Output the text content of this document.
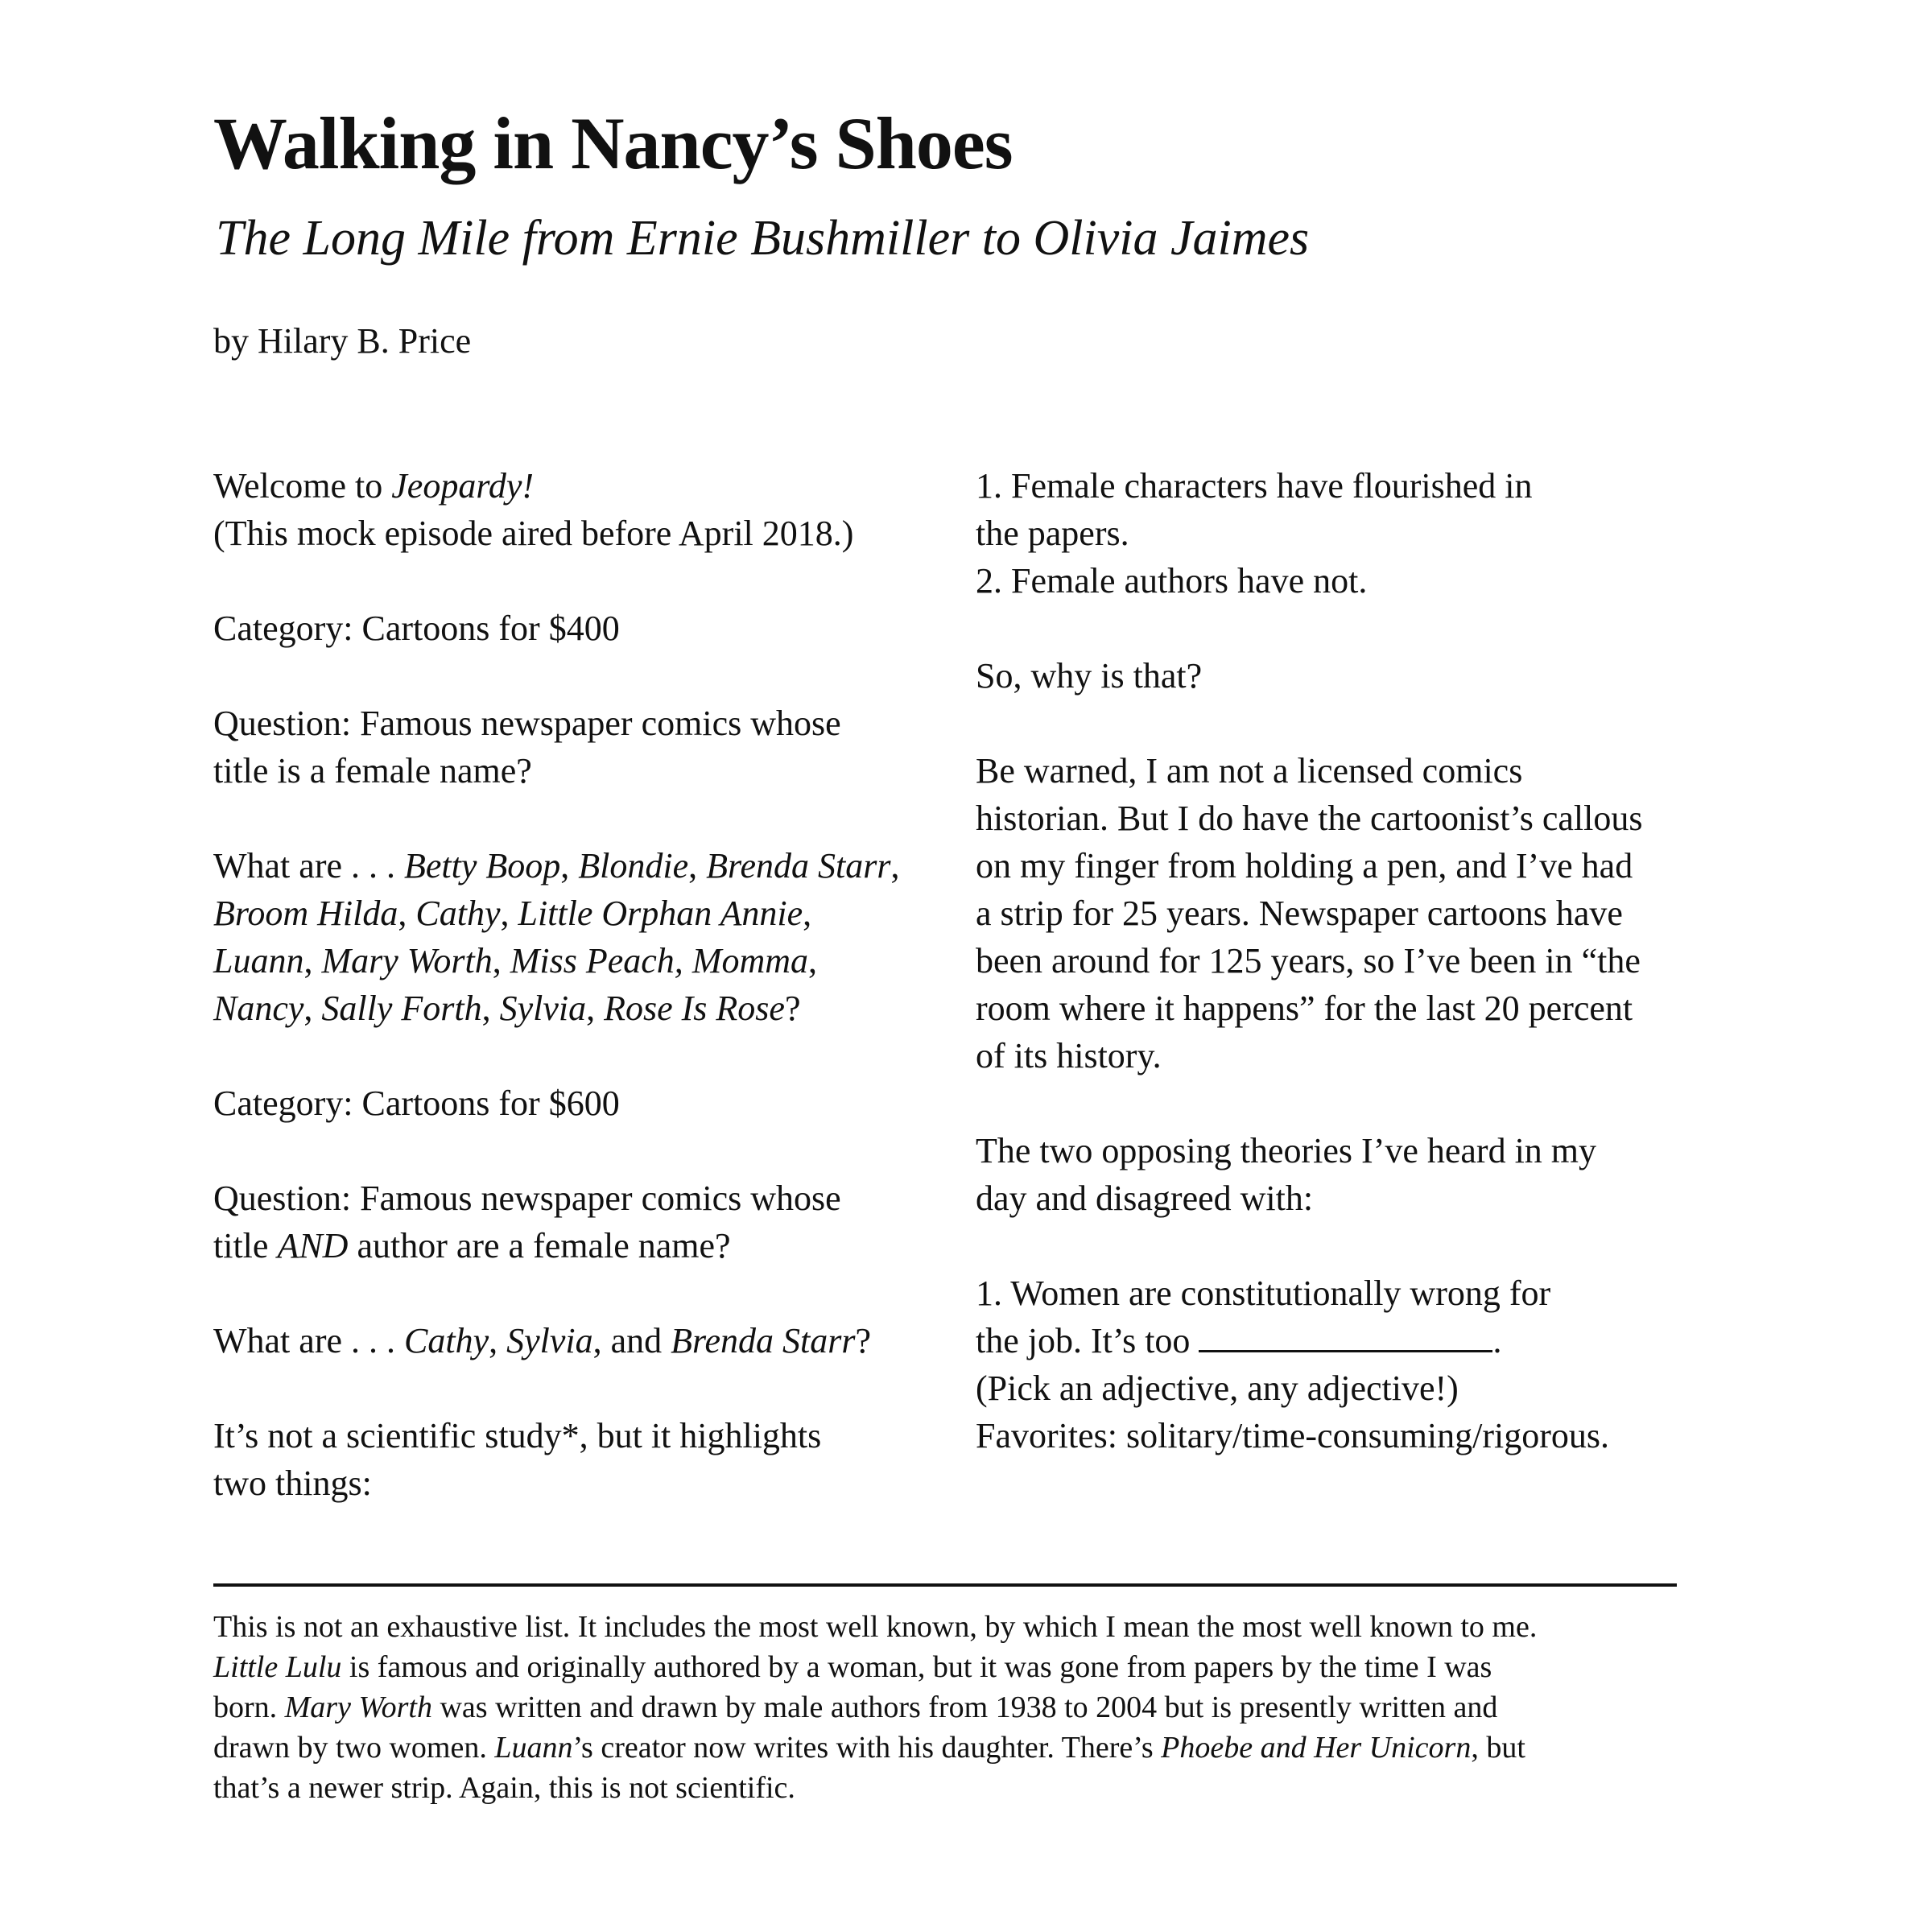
Walking in Nancy’s Shoes
The Long Mile from Ernie Bushmiller to Olivia Jaimes

by Hilary B. Price

Welcome to Jeopardy!
(This mock episode aired before April 2018.)

Category: Cartoons for $400

Question: Famous newspaper comics whose
title is a female name?

What are . . . Betty Boop, Blondie, Brenda Starr,
Broom Hilda, Cathy, Little Orphan Annie,
Luann, Mary Worth, Miss Peach, Momma,
Nancy, Sally Forth, Sylvia, Rose Is Rose?

Category: Cartoons for $600

Question: Famous newspaper comics whose
title AND author are a female name?

What are . . . Cathy, Sylvia, and Brenda Starr?

It’s not a scientific study*, but it highlights
two things:

1. Female characters have flourished in
the papers.
2. Female authors have not.

So, why is that?

Be warned, I am not a licensed comics
historian. But I do have the cartoonist’s callous
on my finger from holding a pen, and I’ve had
a strip for 25 years. Newspaper cartoons have
been around for 125 years, so I’ve been in “the
room where it happens” for the last 20 percent
of its history.

The two opposing theories I’ve heard in my
day and disagreed with:

1. Women are constitutionally wrong for
the job. It’s too	.
(Pick an adjective, any adjective!)
Favorites: solitary/time-consuming/rigorous.

This is not an exhaustive list. It includes the most well known, by which I mean the most well known to me.
Little Lulu is famous and originally authored by a woman, but it was gone from papers by the time I was
born. Mary Worth was written and drawn by male authors from 1938 to 2004 but is presently written and
drawn by two women. Luann’s creator now writes with his daughter. There’s Phoebe and Her Unicorn, but
that’s a newer strip. Again, this is not scientific.
